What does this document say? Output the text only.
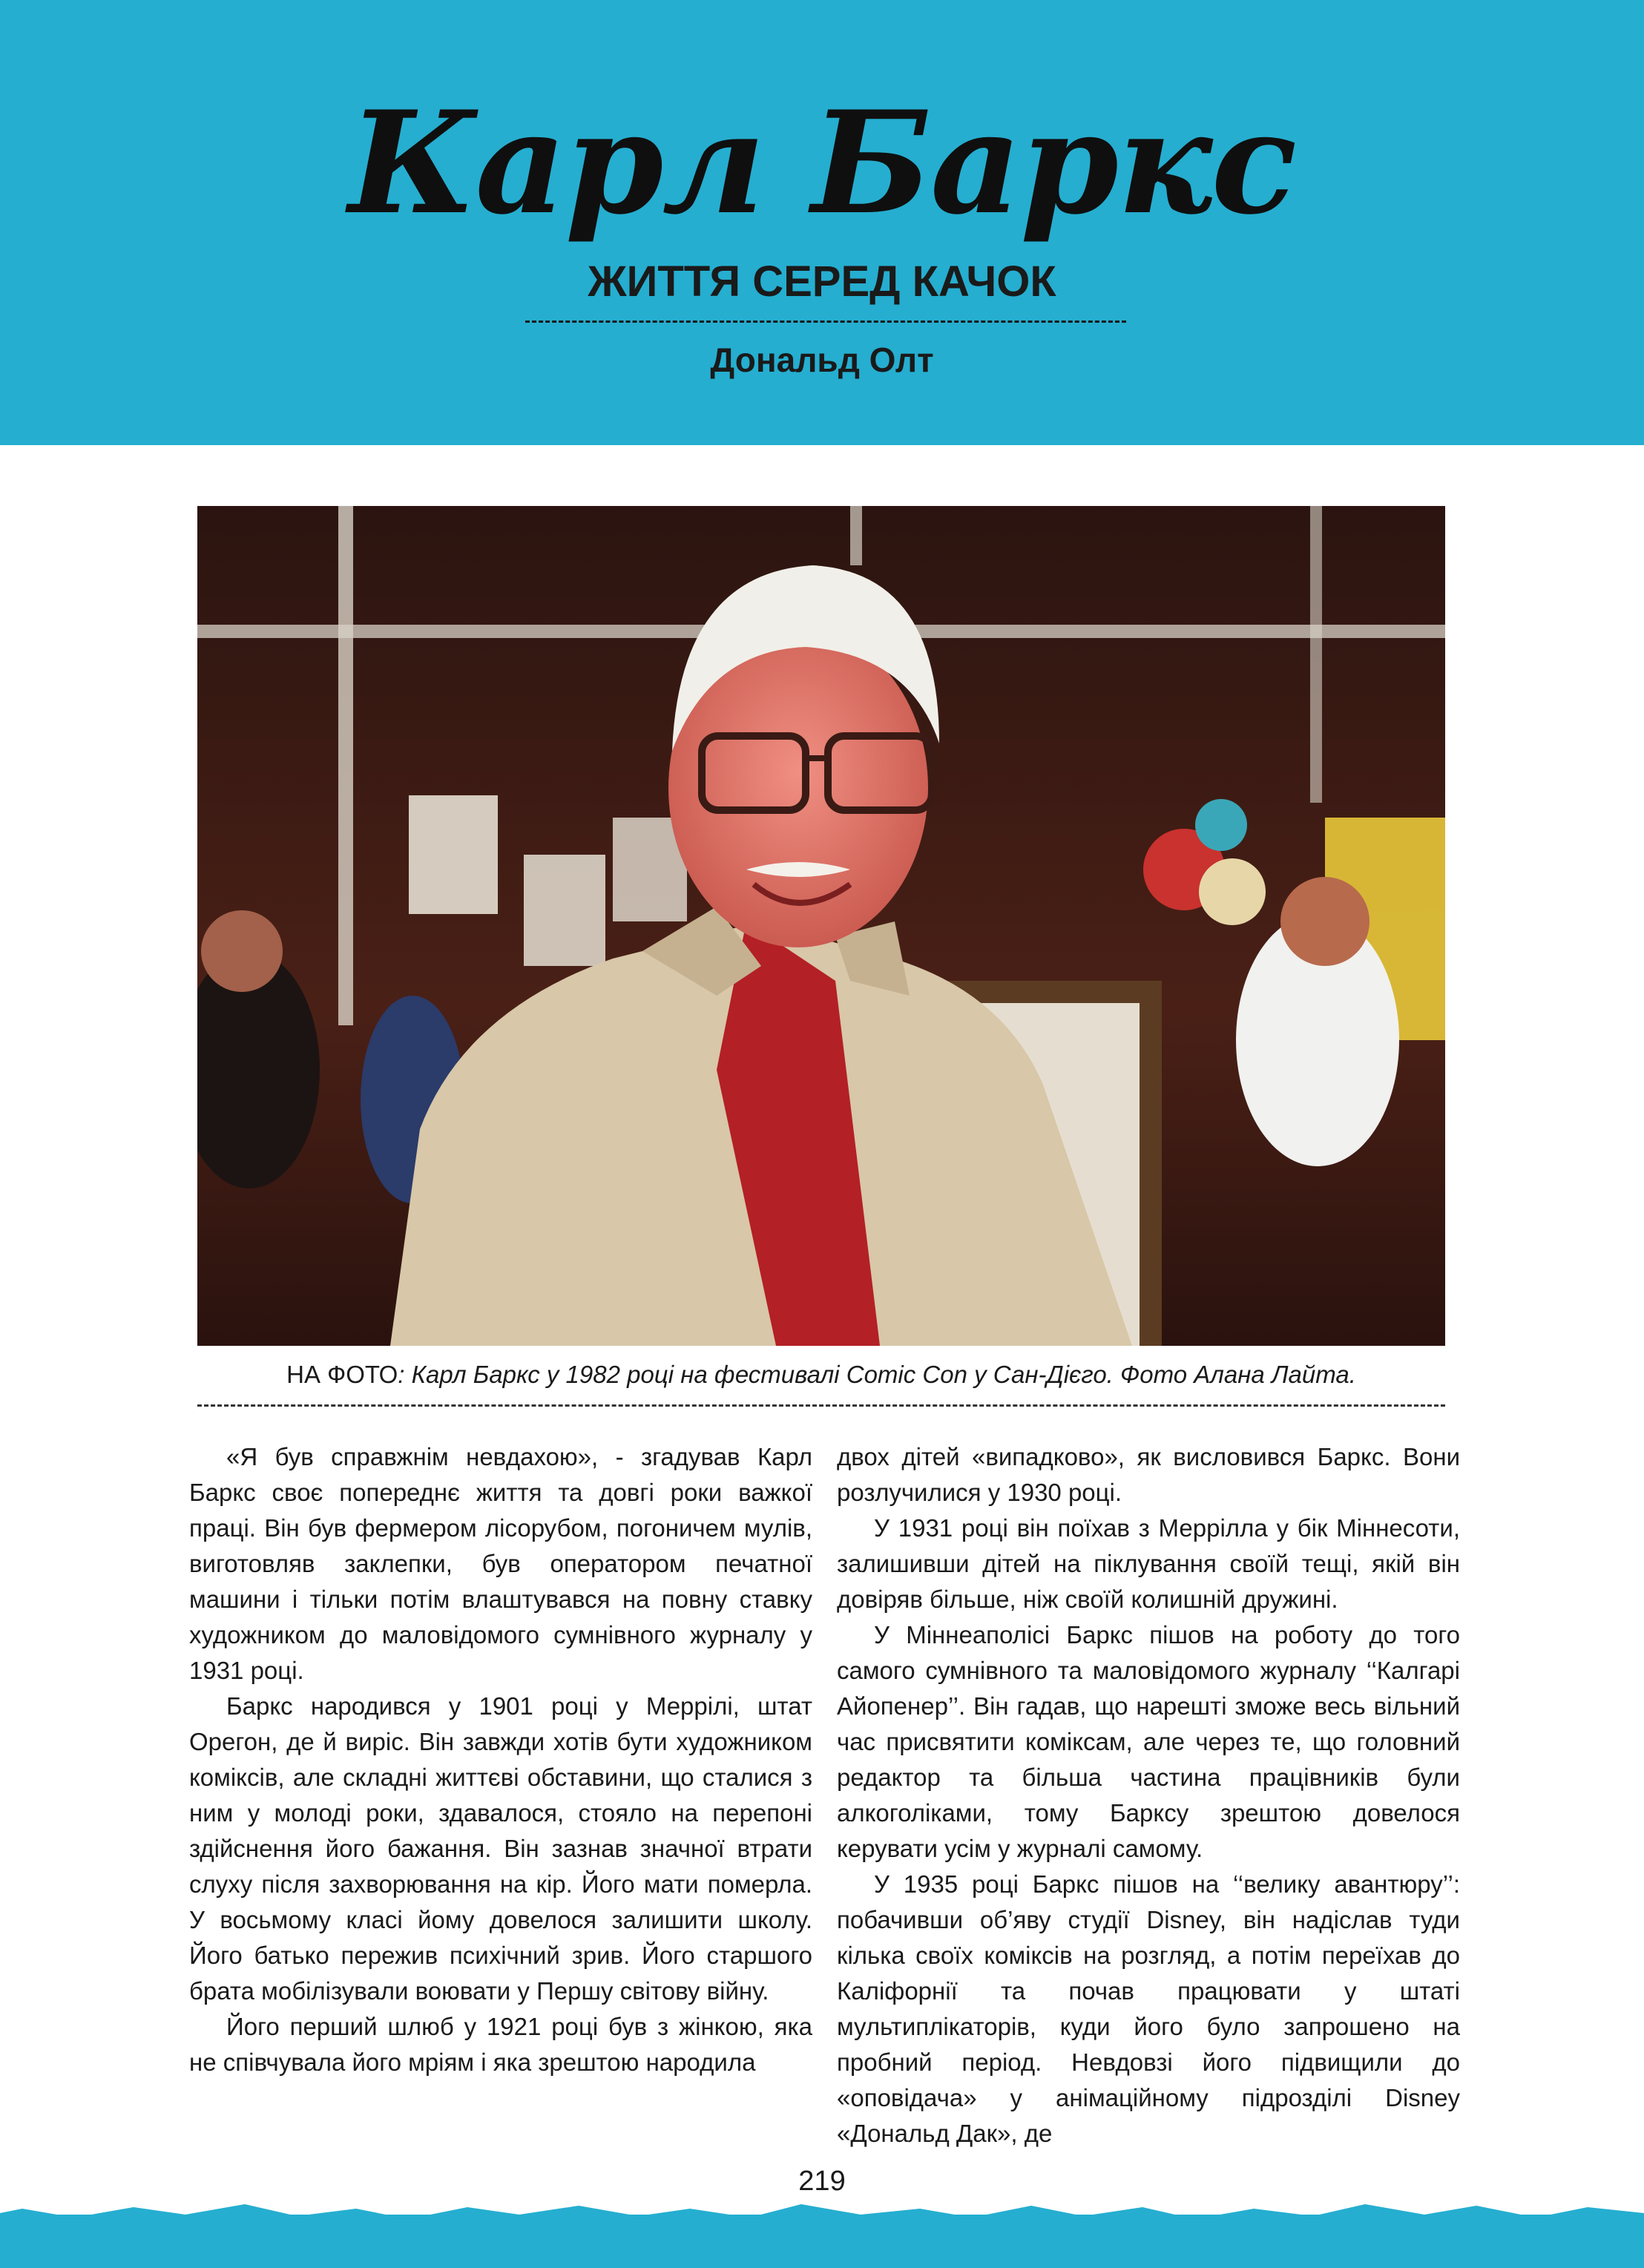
Карл Баркс
ЖИТТЯ СЕРЕД КАЧОК
Дональд Олт
НА ФОТО: Карл Баркс у 1982 році на фестивалі Comic Con у Сан-Дієго. Фото Алана Лайта.

«Я був справжнім невдахою», - згадував Карл Баркс своє попереднє життя та довгі роки важкої праці. Він був фермером лісорубом, погоничем мулів, виготовляв заклепки, був оператором печатної машини і тільки потім влаштувався на повну ставку художником до маловідомого сумнівного журналу у 1931 році.

Баркс народився у 1901 році у Меррілі, штат Орегон, де й виріс. Він завжди хотів бути художником коміксів, але складні життєві обставини, що сталися з ним у молоді роки, здавалося, стояло на перепоні здійснення його бажання. Він зазнав значної втрати слуху після захворювання на кір. Його мати померла. У восьмому класі йому довелося залишити школу. Його батько пережив психічний зрив. Його старшого брата мобілізували воювати у Першу світову війну.

Його перший шлюб у 1921 році був з жінкою, яка не співчувала його мріям і яка зрештою народила

двох дітей «випадково», як висловився Баркс. Вони розлучилися у 1930 році.

У 1931 році він поїхав з Меррілла у бік Міннесоти, залишивши дітей на піклування своїй тещі, якій він довіряв більше, ніж своїй колишній дружині.

У Міннеаполісі Баркс пішов на роботу до того самого сумнівного та маловідомого журналу ‘‘Калгарі Айопенер’’. Він гадав, що нарешті зможе весь вільний час присвятити коміксам, але через те, що головний редактор та більша частина працівників були алкоголіками, тому Барксу зрештою довелося керувати усім у журналі самому.

У 1935 році Баркс пішов на ‘‘велику авантюру’’: побачивши об’яву студії Disney, він надіслав туди кілька своїх коміксів на розгляд, а потім переїхав до Каліфорнії та почав працювати у штаті мультиплікаторів, куди його було запрошено на пробний період. Невдовзі його підвищили до «оповідача» у анімаційному підрозділі Disney «Дональд Дак», де

219
